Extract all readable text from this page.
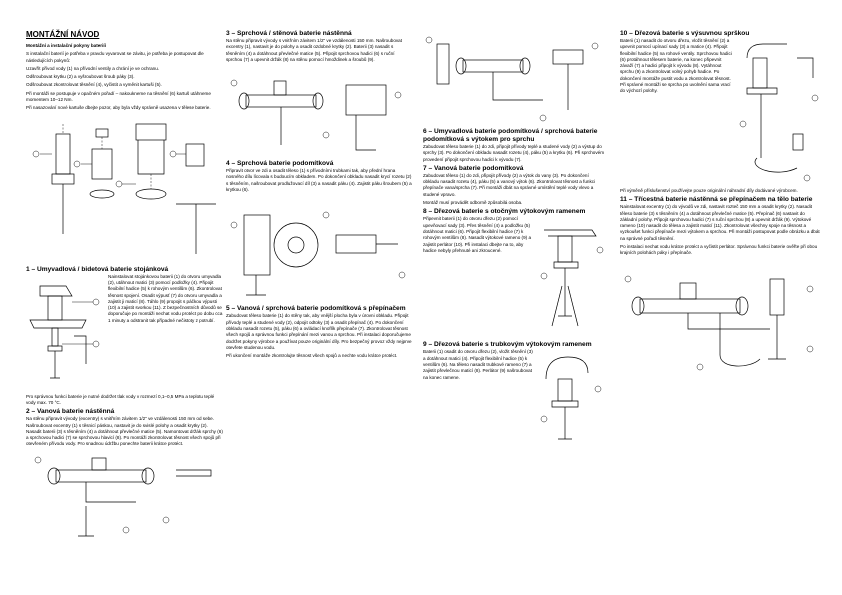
MONTÁŽNÍ NÁVOD

Montážní a instalační pokyny bateriíí

S instalační baterií je potřeba v pravdu vyvarovat se závitu, je potřeba je postupovat dle následujících pokynů:

Uzavřít přívod vody (1) na přívodní ventily a chrání je ve ochranu.

Odšroubovat krytku (2) a vyšroubovat šroub páky (3).

Odšroubovat zkontrolovat těsnění (4), vyčistit a vyměnit kartuši (5).

Při montáži se postupuje v opačném pořadí – nakoukneme na těsnění (6) kartuš utáhneme momentem 10–12 Nm.

Při nasazování nové kartuše dbejte pozor, aby byla vždy správně usazena v tělese baterie.

1 – Umyvadlová / bidetová baterie stojánková

Nainstalovat stojánkovou baterii (1) do otvoru umyvadla (2), utáhnout matici (3) pomocí podložky (4). Připojit flexibilní hadice (5) k rohovým ventilům (6). Zkontrolovat těsnost spojení. Osadit výpusť (7) do otvoru umyvadla a zajistit ji maticí (8). Táhlo (9) propojit s páčkou výpusti (10) a zajistit svorkou (11). Z bezpečnostních důvodů se doporučuje po montáži nechat vodu protéct po dobu cca 1 minuty a odstranit tak případné nečistoty z potrubí.

Pro správnou funkci baterie je nutné dodržet tlak vody v rozmezí 0,1–0,5 MPa a teplotu teplé vody max. 70 °C.

2 – Vanová baterie nástěnná

Na stěnu připravit vývody (excentry) s vnitřním závitem 1/2" ve vzdálenosti 150 mm od sebe. Našroubovat excentry (1) s těsnicí páskou, nastavit je do svislé polohy a osadit krytky (2). Nasadit baterii (3) s těsněním (4) a dotáhnout převlečné matice (5). Namontovat držák sprchy (6) a sprchovou hadici (7) se sprchovou hlavicí (8). Po montáži zkontrolovat těsnost všech spojů při otevřeném přívodu vody. Pro snadnou údržbu ponechte baterii krátce protéct.

3 – Sprchová / stěnová baterie nástěnná

Na stěnu připravit vývody s vnitřním závitem 1/2" ve vzdálenosti 150 mm. Našroubovat excentry (1), nastavit je do polohy a osadit ozdobné krytky (2). Baterii (3) nasadit s těsněním (4) a dotáhnout převlečné matice (5). Připojit sprchovou hadici (6) s ruční sprchou (7) a upevnit držák (8) na stěnu pomocí hmoždinek a šroubů (9).

4 – Sprchová baterie podomítková

Připravit otvor ve zdi a osadit těleso (1) s přívodními trubkami tak, aby přední hrana nosného dílu lícovala s budoucím obkladem. Po dokončení obkladu nasadit krycí rozetu (2) s těsněním, našroubovat prodlužovací díl (3) a nasadit páku (4). Zajistit páku šroubem (5) a krytkou (6).

5 – Vanová / sprchová baterie podomítková s přepínačem

Zabudovat těleso baterie (1) do stěny tak, aby vnější plocha byla v úrovni obkladu. Připojit přívody teplé a studené vody (2), odpojit odtoky (3) a osadit přepínač (4). Po dokončení obkladu nasadit rozetu (5), páku (6) a ovládací knoflík přepínače (7). Zkontrolovat těsnost všech spojů a správnou funkci přepínání mezi vanou a sprchou. Při instalaci doporučujeme dodržet pokyny výrobce a používat pouze originální díly. Pro bezpečný provoz vždy nejprve otevřete studenou vodu.

Při ukončení montáže zkontrolujte těsnost všech spojů a nechte vodu krátce protéct.

6 – Umyvadlová baterie podomítková / sprchová baterie podomítková s výtokem pro sprchu

Zabudovat těleso baterie (1) do zdi, připojit přívody teplé a studené vody (2) a výstup do sprchy (3). Po dokončení obkladu nasadit rozetu (4), páku (5) a krytku (6). Při sprchovém provedení připojit sprchovou hadici k vývodu (7).

7 – Vanová baterie podomítková

Zabudovat těleso (1) do zdi, připojit přívody (2) a výtok do vany (3). Po dokončení obkladu nasadit rozetu (4), páku (5) a vanový výtok (6). Zkontrolovat těsnost a funkci přepínače vana/sprcha (7). Při montáži dbát na správné umístění teplé vody vlevo a studené vpravo.

Montáž musí provádět odborně způsobilá osoba.

8 – Dřezová baterie s otočným výtokovým ramenem

Připevnit baterii (1) do otvoru dřezu (2) pomocí upevňovací sady (3). Přes těsnění (4) a podložku (5) dotáhnout matici (6). Připojit flexibilní hadice (7) k rohovým ventilům (8). Nasadit výtokové rameno (9) a zajistit perlátor (10). Při instalaci dbejte na to, aby hadice nebyly přehnuté ani zkroucené.

9 – Dřezová baterie s trubkovým výtokovým ramenem

Baterii (1) osadit do otvoru dřezu (2), vložit těsnění (3) a dotáhnout matici (4). Připojit flexibilní hadice (5) k ventilům (6). Na těleso nasadit trubkové rameno (7) a zajistit převlečnou maticí (8). Perlátor (9) našroubovat na konec ramene.

10 – Dřezová baterie s výsuvnou sprškou

Baterii (1) nasadit do otvoru dřezu, vložit těsnění (2) a upevnit pomocí upínací sady (3) a matice (4). Připojit flexibilní hadice (5) na rohové ventily. Sprchovou hadici (6) protáhnout tělesem baterie, na konec připevnit závaží (7) a hadici připojit k vývodu (8). Vytáhnout sprchu (9) a zkontrolovat volný pohyb hadice. Po dokončení montáže pustit vodu a zkontrolovat těsnost. Při správné montáži se sprcha po uvolnění sama vrací do výchozí polohy.

Při výměně příslušenství používejte pouze originální náhradní díly dodávané výrobcem.

11 – Třícestná baterie nástěnná se přepínačem na tělo baterie

Nainstalovat excentry (1) do vývodů ve zdi, nastavit rozteč 150 mm a osadit krytky (2). Nasadit těleso baterie (3) s těsněním (4) a dotáhnout převlečné matice (5). Přepínač (6) nastavit do základní polohy. Připojit sprchovou hadici (7) s ruční sprchou (8) a upevnit držák (9). Výtokové rameno (10) nasadit do tělesa a zajistit maticí (11). Zkontrolovat všechny spoje na těsnost a vyzkoušet funkci přepínače mezi výtokem a sprchou. Při montáži postupovat podle obrázku a dbát na správné pořadí těsnění.

Po instalaci nechat vodu krátce protéct a vyčistit perlátor. Správnou funkci baterie ověřte při obou krajních polohách páky i přepínače.
